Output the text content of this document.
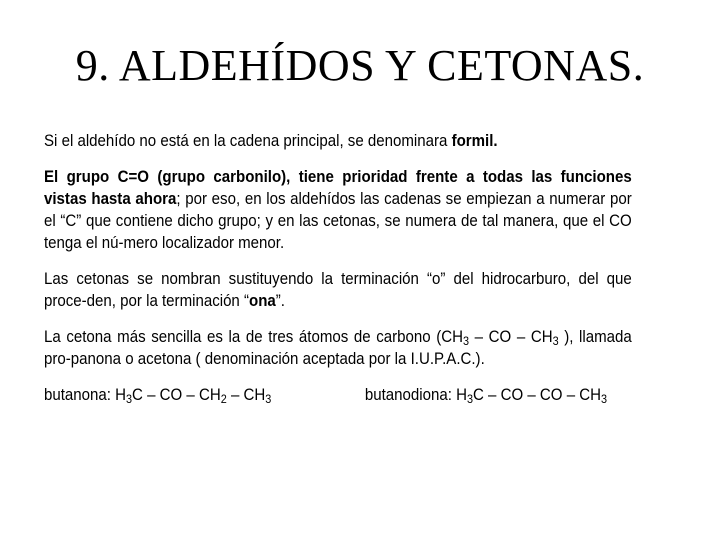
9. ALDEHÍDOS Y CETONAS.

Si el aldehído no está en la cadena principal, se denominara formil.

El grupo C=O (grupo carbonilo), tiene prioridad frente a todas las funciones vistas hasta ahora; por eso, en los aldehídos las cadenas se empiezan a numerar por el “C” que contiene dicho grupo; y en las cetonas, se numera de tal manera, que el CO tenga el nú-mero localizador menor.

Las cetonas se nombran sustituyendo la terminación “o” del hidrocarburo, del que proce-den, por la terminación “ona”.

La cetona más sencilla es la de tres átomos de carbono ($CH_3$ – CO – $CH_3$ ), llamada pro-panona o acetona ( denominación aceptada por la I.U.P.A.C.).

butanona: $H_3C$ – CO – $CH_2 - CH_3$	butanodiona: $H_3C$ – CO – CO – $CH_3$
